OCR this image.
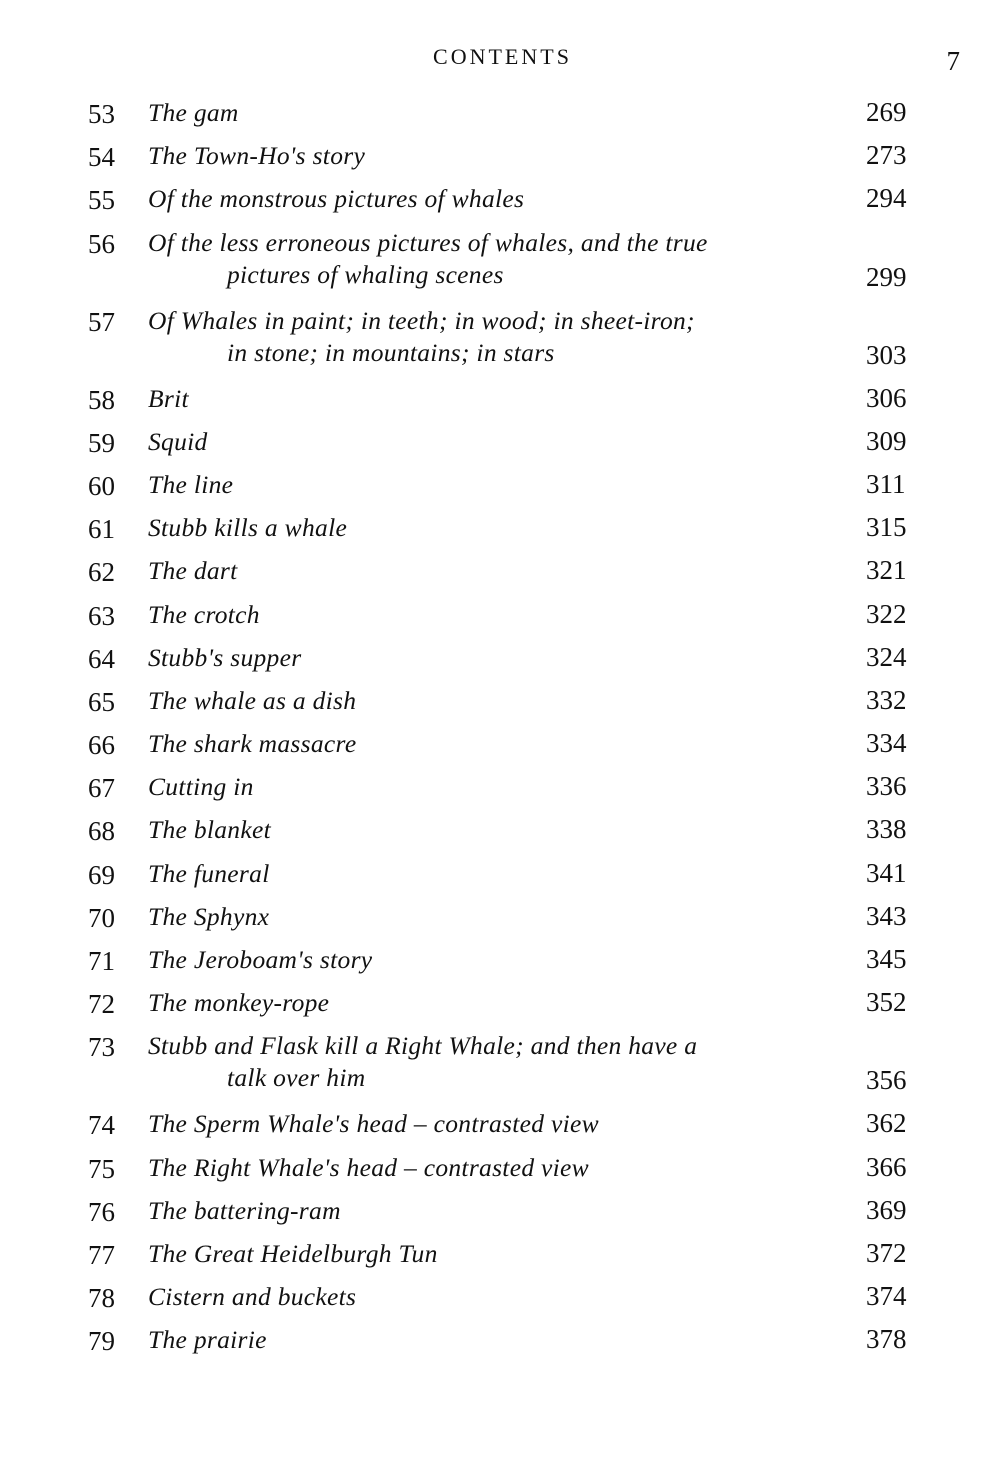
CONTENTS	7
53 The gam	269
54 The Town-Ho's story	273
55 Of the monstrous pictures of whales	294
56 Of the less erroneous pictures of whales, and the true
pictures of whaling scenes	299
57 Of Whales in paint; in teeth; in wood; in sheet-iron;
in stone; in mountains; in stars	303
58 Brit	306
59 Squid	309
60 The line	311
61 Stubb kills a whale	315
62 The dart	321
63 The crotch	322
64 Stubb's supper	324
65 The whale as a dish	332
66 The shark massacre	334
67 Cutting in	336
68 The blanket	338
69 The funeral	341
70 The Sphynx	343
71 The Jeroboam's story	345
72 The monkey-rope	352
73 Stubb and Flask kill a Right Whale; and then have a
talk over him	356
74 The Sperm Whale's head – contrasted view	362
75 The Right Whale's head – contrasted view	366
76 The battering-ram	369
77 The Great Heidelburgh Tun	372
78 Cistern and buckets	374
79 The prairie	378
